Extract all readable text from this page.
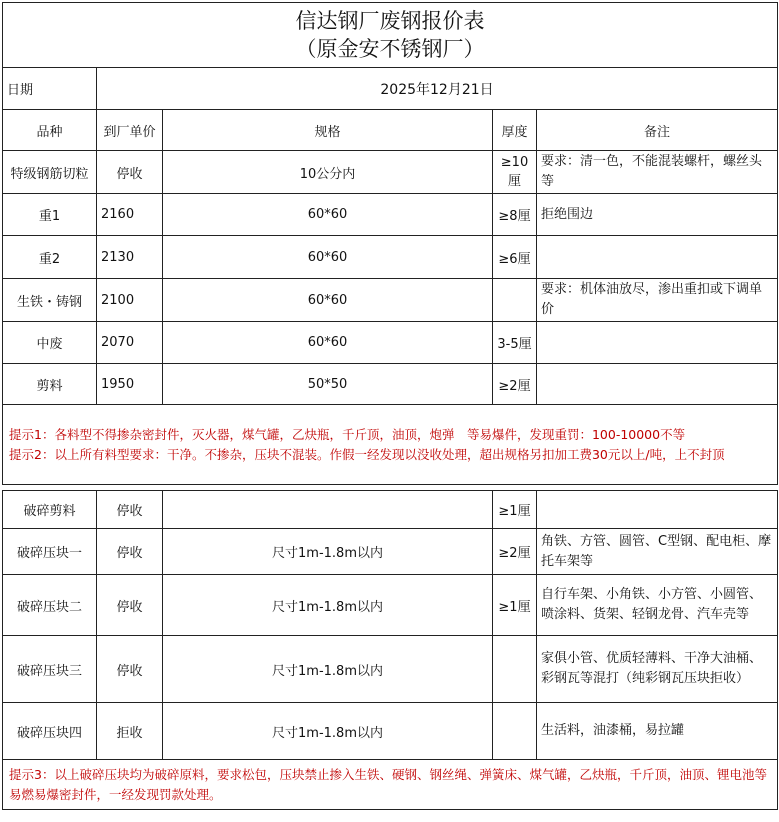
信达钢厂废钢报价表
（原金安不锈钢厂）				

日期	2025年12月21日			
品种	到厂单价	规格	厚度	备注
特级钢筋切粒	停收	10公分内	≥10厘	要求：清一色，不能混装螺杆，螺丝头等
重1	2160	60*60	≥8厘	拒绝围边
重2	2130	60*60	≥6厘	
生铁・铸钢	2100	60*60		要求：机体油放尽，渗出重扣或下调单价
中废	2070	60*60	3-5厘	
剪料	1950	50*50	≥2厘	

提示1：各料型不得掺杂密封件，灭火器，煤气罐，乙炔瓶，千斤顶，油顶，炮弹　等易爆件，发现重罚：100-10000不等
提示2：以上所有料型要求：干净。不掺杂，压块不混装。作假一经发现以没收处理，超出规格另扣加工费30元以上/吨，上不封顶				

破碎剪料	停收		≥1厘	
破碎压块一	停收	尺寸1m-1.8m以内	≥2厘	角铁、方管、圆管、C型钢、配电柜、摩托车架等
破碎压块二	停收	尺寸1m-1.8m以内	≥1厘	自行车架、小角铁、小方管、小圆管、喷涂料、货架、轻钢龙骨、汽车壳等
破碎压块三	停收	尺寸1m-1.8m以内		家俱小管、优质轻薄料、干净大油桶、彩钢瓦等混打（纯彩钢瓦压块拒收）
破碎压块四	拒收	尺寸1m-1.8m以内		生活料，油漆桶，易拉罐
提示3：以上破碎压块均为破碎原料，要求松包，压块禁止掺入生铁、硬钢、钢丝绳、弹簧床、煤气罐，乙炔瓶，千斤顶，油顶、锂电池等易燃易爆密封件，一经发现罚款处理。				
